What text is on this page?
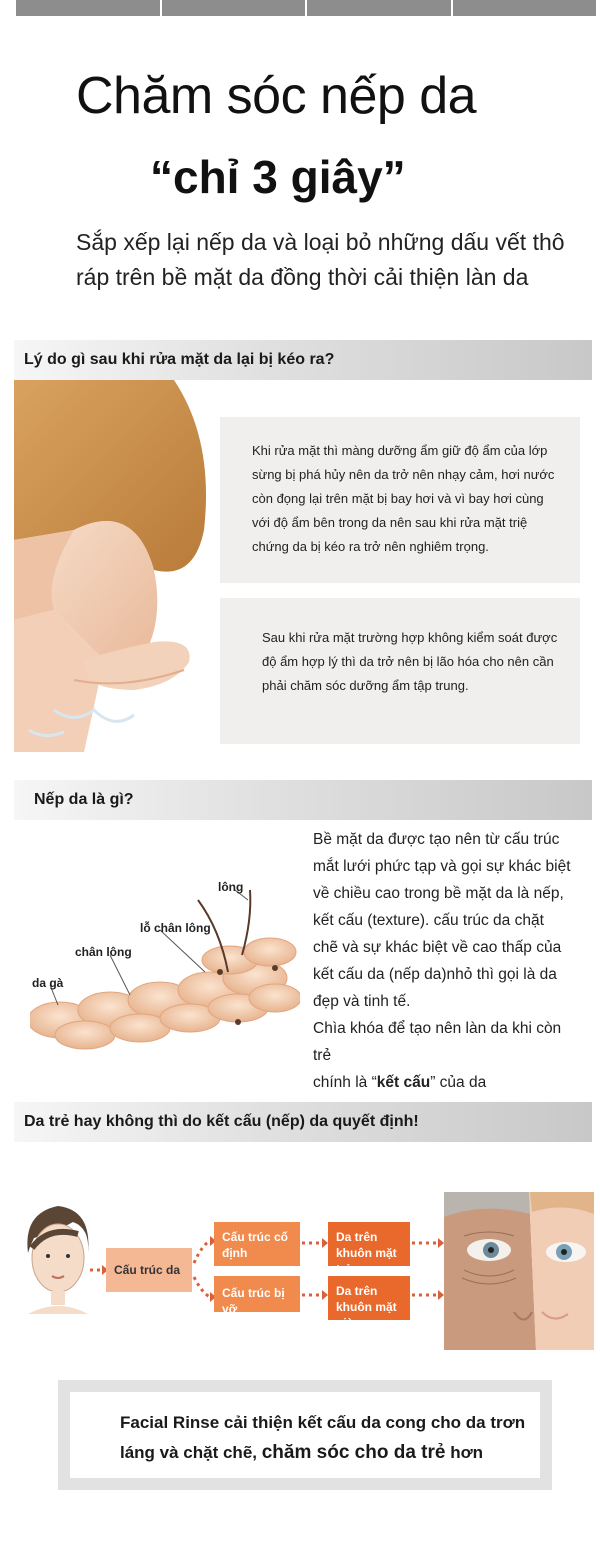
Chăm sóc nếp da
“chỉ 3 giây”
Sắp xếp lại nếp da và loại bỏ những dấu vết thô ráp trên bề mặt da đồng thời cải thiện làn da
Lý do gì sau khi rửa mặt da lại bị kéo ra?
Khi rửa mặt thì màng dưỡng ẩm giữ độ ẩm của lớp sừng bị phá hủy nên da trở nên nhạy cảm, hơi nước còn đọng lại trên mặt bị bay hơi và vì bay hơi cùng với độ ẩm bên trong da nên sau khi rửa mặt triệ chứng da bị kéo ra trở nên nghiêm trọng.
Sau khi rửa mặt trường hợp không kiểm soát được độ ẩm hợp lý thì da trở nên bị lão hóa cho nên cần phải chăm sóc dưỡng ẩm tập trung.
Nếp da là gì?
lông
lỗ chân lông
chân lông
da gà

Bề mặt da được tạo nên từ cấu trúc mắt lưới phức tạp và gọi sự khác biệt về chiều cao trong bề mặt da là nếp, kết cấu (texture). cấu trúc da chặt chẽ và sự khác biệt về cao thấp của kết cấu da (nếp da)nhỏ thì gọi là da đẹp và tinh tế.

Chìa khóa để tạo nên làn da khi còn trẻ

chính là “kết cấu” của da

Da trẻ hay không thì do kết cấu (nếp) da quyết định!
Cấu trúc da
Cấu trúc cố định
Cấu trúc bị vỡ
Da trên khuôn mặt trẻ
Da trên khuôn mặt già
Facial Rinse cải thiện kết cấu da cong cho da trơn láng và chặt chẽ, chăm sóc cho da trẻ hơn
